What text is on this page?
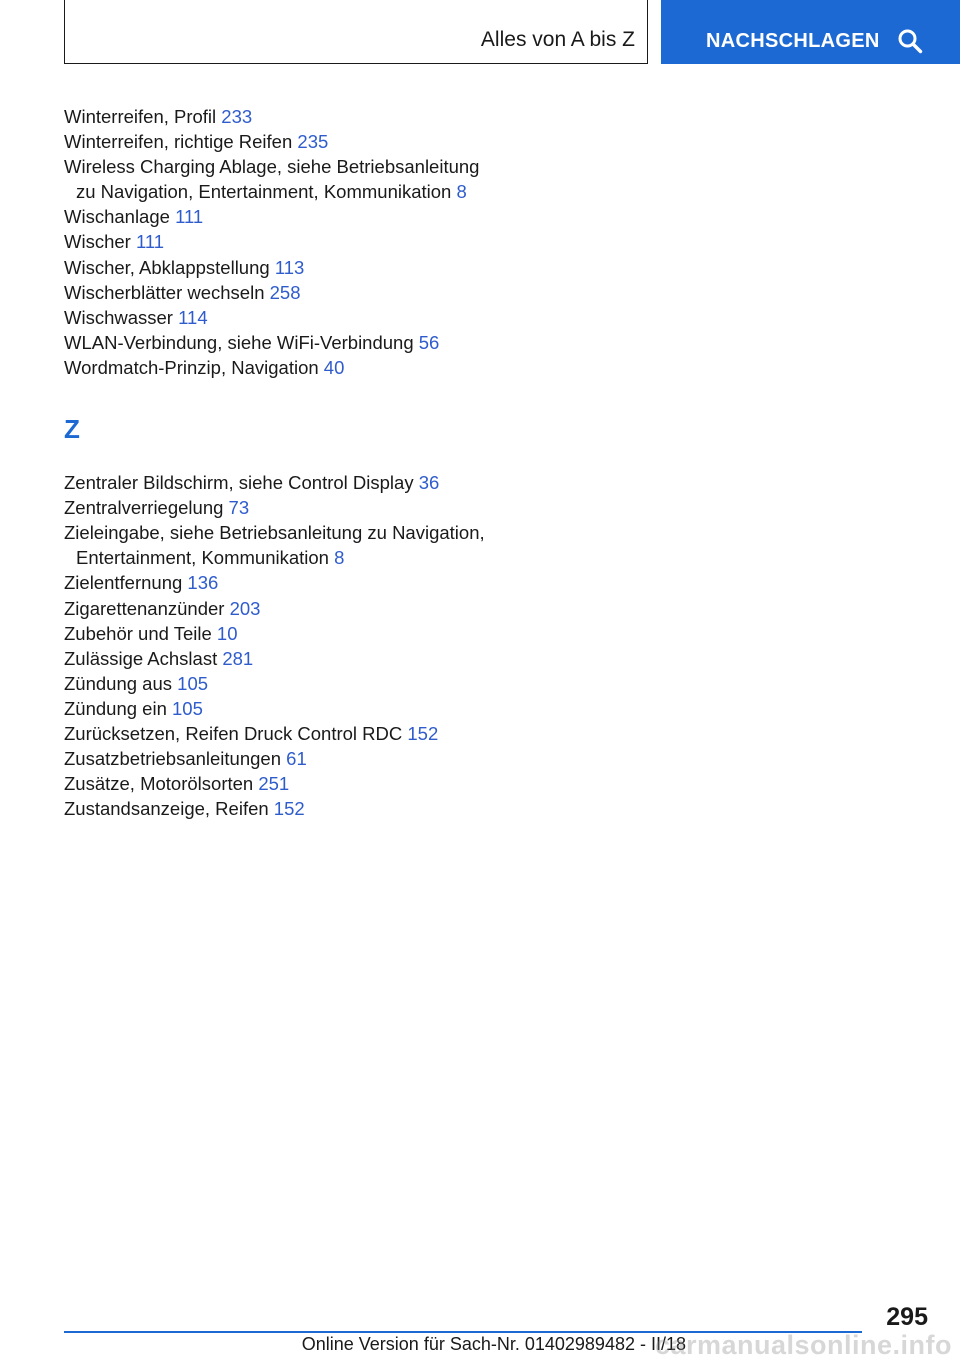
Alles von A bis Z	NACHSCHLAGEN
Winterreifen, Profil 233
Winterreifen, richtige Reifen 235
Wireless Charging Ablage, siehe Betriebsanleitung zu Navigation, Entertainment, Kommunikation 8
Wischanlage 111
Wischer 111
Wischer, Abklappstellung 113
Wischerblätter wechseln 258
Wischwasser 114
WLAN-Verbindung, siehe WiFi-Verbindung 56
Wordmatch-Prinzip, Navigation 40
Z
Zentraler Bildschirm, siehe Control Display 36
Zentralverriegelung 73
Zieleingabe, siehe Betriebsanleitung zu Navigation, Entertainment, Kommunikation 8
Zielentfernung 136
Zigarettenanzünder 203
Zubehör und Teile 10
Zulässige Achslast 281
Zündung aus 105
Zündung ein 105
Zurücksetzen, Reifen Druck Control RDC 152
Zusatzbetriebsanleitungen 61
Zusätze, Motorölsorten 251
Zustandsanzeige, Reifen 152
295
Online Version für Sach-Nr. 01402989482 - II/18
carmanualsonline.info
